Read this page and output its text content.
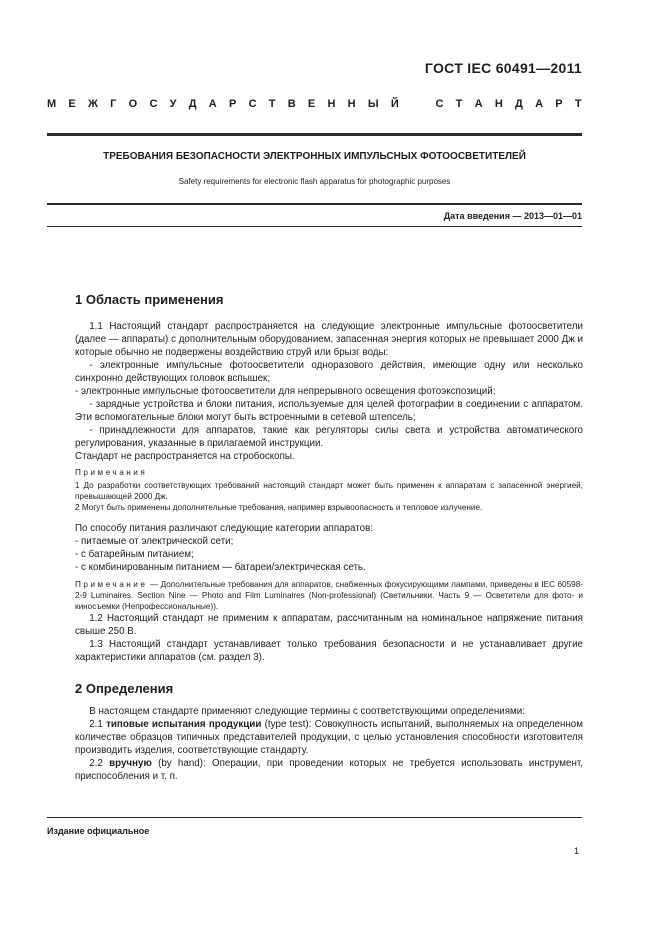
ГОСТ IEC 60491—2011
М Е Ж Г О С У Д А Р С Т В Е Н Н Ы Й	С Т А Н Д А Р Т
ТРЕБОВАНИЯ БЕЗОПАСНОСТИ ЭЛЕКТРОННЫХ ИМПУЛЬСНЫХ ФОТООСВЕТИТЕЛЕЙ
Safety requirements for electronic flash apparatus for photographic purposes
Дата введения — 2013—01—01
1 Область применения

1.1 Настоящий стандарт распространяется на следующие электронные импульсные фотоосветители (далее — аппараты) с дополнительным оборудованием, запасенная энергия которых не превышает 2000 Дж и которые обычно не подвержены воздействию струй или брызг воды:

- электронные импульсные фотоосветители одноразового действия, имеющие одну или несколько синхронно действующих головок вспышек;

- электронные импульсные фотоосветители для непрерывного освещения фотоэкспозиций;

- зарядные устройства и блоки питания, используемые для целей фотографии в соединении с аппаратом. Эти вспомогательные блоки могут быть встроенными в сетевой штепсель;

- принадлежности для аппаратов, такие как регуляторы силы света и устройства автоматического регулирования, указанные в прилагаемой инструкции.

Стандарт не распространяется на стробоскопы.

Примечания

1 До разработки соответствующих требований настоящий стандарт может быть применен к аппаратам с запасенной энергией, превышающей 2000 Дж.

2 Могут быть применены дополнительные требования, например взрывоопасность и тепловое излучение.

По способу питания различают следующие категории аппаратов:

- питаемые от электрической сети;

- с батарейным питанием;

- с комбинированным питанием — батареи/электрическая сеть.

Примечание — Дополнительные требования для аппаратов, снабженных фокусирующими лампами, приведены в IEC 60598-2-9 Luminaires. Section Nine — Photo and Film Luminaires (Non-professional) (Светильники. Часть 9 — Осветители для фото- и киносъемки (Непрофессиональные)).

1.2 Настоящий стандарт не применим к аппаратам, рассчитанным на номинальное напряжение питания свыше 250 В.

1.3 Настоящий стандарт устанавливает только требования безопасности и не устанавливает другие характеристики аппаратов (см. раздел 3).

2 Определения

В настоящем стандарте применяют следующие термины с соответствующими определениями:

2.1 типовые испытания продукции (type test): Совокупность испытаний, выполняемых на определенном количестве образцов типичных представителей продукции, с целью установления способности изготовителя производить изделия, соответствующие стандарту.

2.2 вручную (by hand): Операции, при проведении которых не требуется использовать инструмент, приспособления и т. п.

Издание официальное
1
